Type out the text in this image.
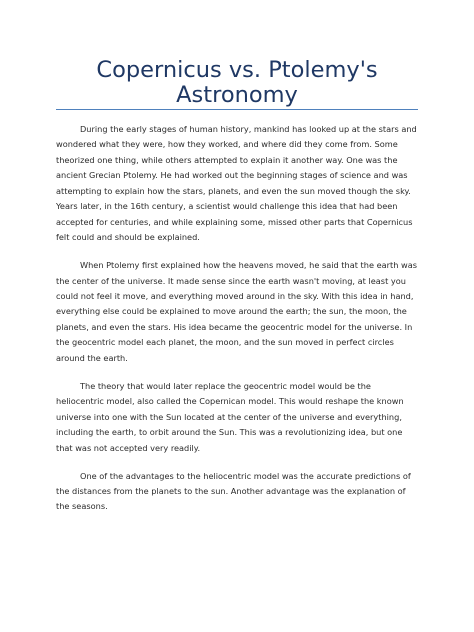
Copernicus vs. Ptolemy's
Astronomy

During the early stages of human history, mankind has looked up at the stars and wondered what they were, how they worked, and where did they come from. Some theorized one thing, while others attempted to explain it another way. One was the ancient Grecian Ptolemy. He had worked out the beginning stages of science and was attempting to explain how the stars, planets, and even the sun moved though the sky. Years later, in the 16th century, a scientist would challenge this idea that had been accepted for centuries, and while explaining some, missed other parts that Copernicus felt could and should be explained.

When Ptolemy first explained how the heavens moved, he said that the earth was the center of the universe. It made sense since the earth wasn't moving, at least you could not feel it move, and everything moved around in the sky. With this idea in hand, everything else could be explained to move around the earth; the sun, the moon, the planets, and even the stars. His idea became the geocentric model for the universe. In the geocentric model each planet, the moon, and the sun moved in perfect circles around the earth.

The theory that would later replace the geocentric model would be the heliocentric model, also called the Copernican model. This would reshape the known universe into one with the Sun located at the center of the universe and everything, including the earth, to orbit around the Sun. This was a revolutionizing idea, but one that was not accepted very readily.

One of the advantages to the heliocentric model was the accurate predictions of the distances from the planets to the sun. Another advantage was the explanation of the seasons.
